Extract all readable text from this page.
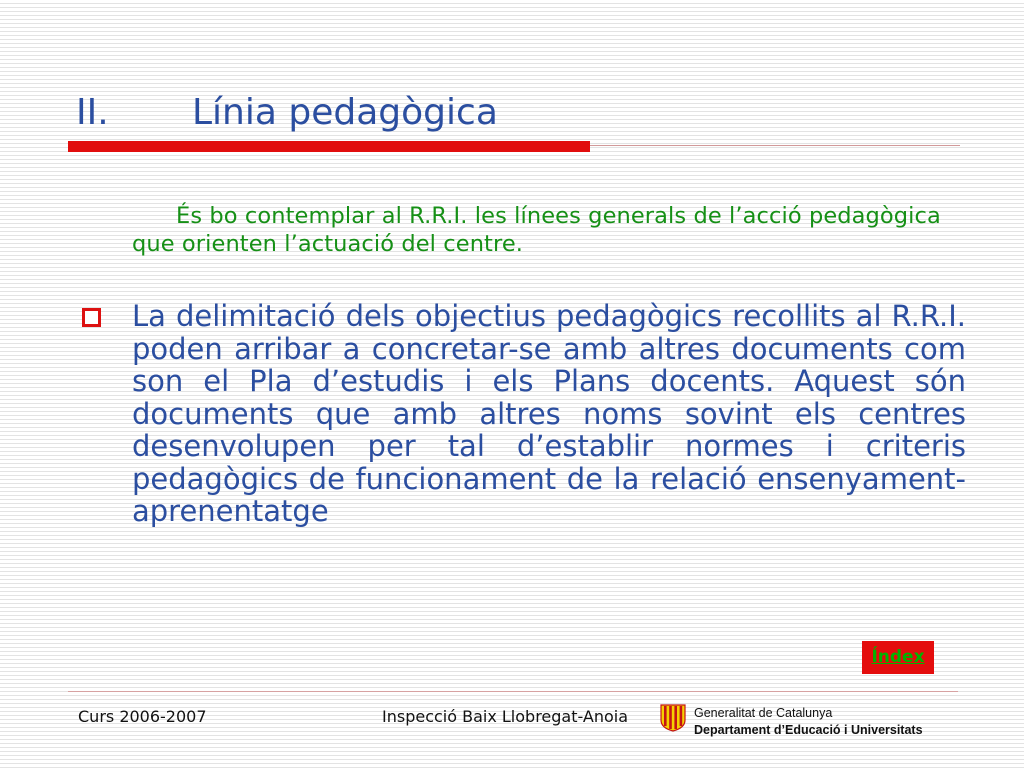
II. Línia pedagògica

És bo contemplar al R.R.I. les línees generals de l’acció pedagògica que orienten l’actuació del centre.

La delimitació dels objectius pedagògics recollits al R.R.I. poden arribar a concretar-se amb altres documents com son el Pla d’estudis i els Plans docents. Aquest són documents que amb altres noms sovint els centres desenvolupen per tal d’establir normes i criteris pedagògics de funcionament de la relació ensenyament-aprenentatge

Índex

Curs 2006-2007	Inspecció Baix Llobregat-Anoia	Generalitat de Catalunya
Departament d’Educació i Universitats
